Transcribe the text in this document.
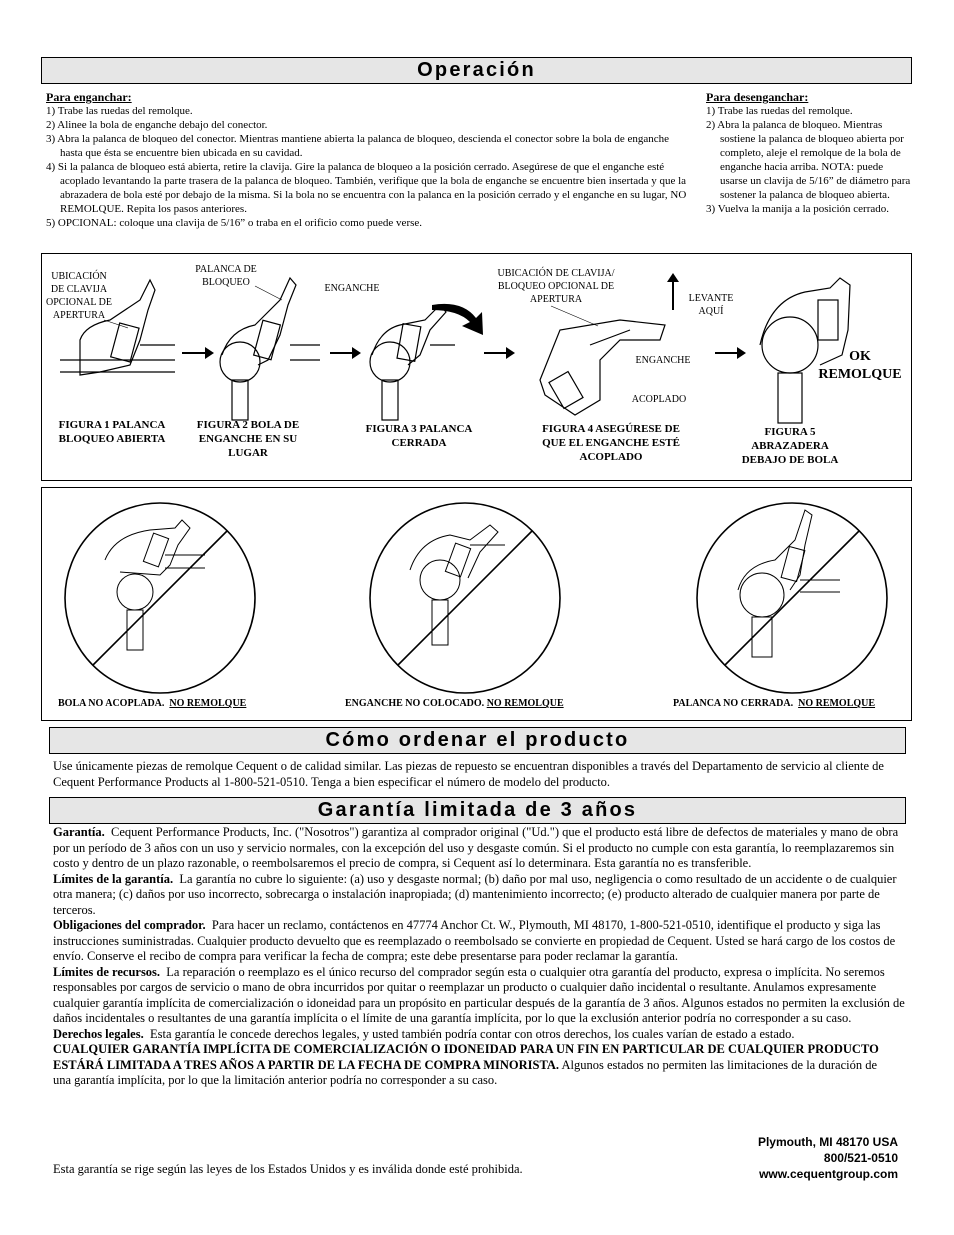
Operación
Para enganchar:
1) Trabe las ruedas del remolque.
2) Alinee la bola de enganche debajo del conector.
3) Abra la palanca de bloqueo del conector. Mientras mantiene abierta la palanca de bloqueo, descienda el conector sobre la bola de enganche hasta que ésta se encuentre bien ubicada en su cavidad.
4) Si la palanca de bloqueo está abierta, retire la clavija. Gire la palanca de bloqueo a la posición cerrado. Asegúrese de que el enganche esté acoplado levantando la parte trasera de la palanca de bloqueo. También, verifique que la bola de enganche se encuentre bien insertada y que la abrazadera de bola esté por debajo de la misma. Si la bola no se encuentra con la palanca en la posición cerrado y el enganche en su lugar, NO REMOLQUE. Repita los pasos anteriores.
5) OPCIONAL: coloque una clavija de 5/16” o traba en el orificio como puede verse.
Para desenganchar:
1) Trabe las ruedas del remolque.
2) Abra la palanca de bloqueo. Mientras sostiene la palanca de bloqueo abierta por completo, aleje el remolque de la bola de enganche hacia arriba. NOTA: puede usarse un clavija de 5/16” de diámetro para sostener la palanca de bloqueo abierta.
3) Vuelva la manija a la posición cerrado.
UBICACIÓN DE CLAVIJA OPCIONAL DE APERTURA
PALANCA DE BLOQUEO
ENGANCHE
UBICACIÓN DE CLAVIJA/ BLOQUEO OPCIONAL DE APERTURA	LEVANTE AQUÍ
ENGANCHE
ACOPLADO
OK REMOLQUE
FIGURA 1 PALANCA BLOQUEO ABIERTA
FIGURA 2 BOLA DE ENGANCHE EN SU LUGAR
FIGURA 3 PALANCA CERRADA
FIGURA 4 ASEGÚRESE DE QUE EL ENGANCHE ESTÉ ACOPLADO
FIGURA 5 ABRAZADERA DEBAJO DE BOLA
BOLA NO ACOPLADA. NO REMOLQUE	ENGANCHE NO COLOCADO. NO REMOLQUE	PALANCA NO CERRADA. NO REMOLQUE
Cómo ordenar el producto
Use únicamente piezas de remolque Cequent o de calidad similar. Las piezas de repuesto se encuentran disponibles a través del Departamento de servicio al cliente de Cequent Performance Products al 1-800-521-0510. Tenga a bien especificar el número de modelo del producto.
Garantía limitada de 3 años
Garantía. Cequent Performance Products, Inc. ("Nosotros") garantiza al comprador original ("Ud.") que el producto está libre de defectos de materiales y mano de obra por un período de 3 años con un uso y servicio normales, con la excepción del uso y desgaste común. Si el producto no cumple con esta garantía, lo reemplazaremos sin costo y dentro de un plazo razonable, o reembolsaremos el precio de compra, si Cequent así lo determinara. Esta garantía no es transferible.
Límites de la garantía. La garantía no cubre lo siguiente: (a) uso y desgaste normal; (b) daño por mal uso, negligencia o como resultado de un accidente o de cualquier otra manera; (c) daños por uso incorrecto, sobrecarga o instalación inapropiada; (d) mantenimiento incorrecto; (e) producto alterado de cualquier manera por parte de terceros.
Obligaciones del comprador. Para hacer un reclamo, contáctenos en 47774 Anchor Ct. W., Plymouth, MI 48170, 1-800-521-0510, identifique el producto y siga las instrucciones suministradas. Cualquier producto devuelto que es reemplazado o reembolsado se convierte en propiedad de Cequent. Usted se hará cargo de los costos de envío. Conserve el recibo de compra para verificar la fecha de compra; este debe presentarse para poder reclamar la garantía.
Límites de recursos. La reparación o reemplazo es el único recurso del comprador según esta o cualquier otra garantía del producto, expresa o implícita. No seremos responsables por cargos de servicio o mano de obra incurridos por quitar o reemplazar un producto o cualquier daño incidental o resultante. Anulamos expresamente cualquier garantía implícita de comercialización o idoneidad para un propósito en particular después de la garantía de 3 años. Algunos estados no permiten la exclusión de daños incidentales o resultantes de una garantía implícita o el límite de una garantía implícita, por lo que la exclusión anterior podría no corresponder a su caso.
Derechos legales. Esta garantía le concede derechos legales, y usted también podría contar con otros derechos, los cuales varían de estado a estado.
CUALQUIER GARANTÍA IMPLÍCITA DE COMERCIALIZACIÓN O IDONEIDAD PARA UN FIN EN PARTICULAR DE CUALQUIER PRODUCTO ESTÁRÁ LIMITADA A TRES AÑOS A PARTIR DE LA FECHA DE COMPRA MINORISTA. Algunos estados no permiten las limitaciones de la duración de una garantía implícita, por lo que la limitación anterior podría no corresponder a su caso.
Esta garantía se rige según las leyes de los Estados Unidos y es inválida donde esté prohibida.
Plymouth, MI 48170 USA
800/521-0510
www.cequentgroup.com
